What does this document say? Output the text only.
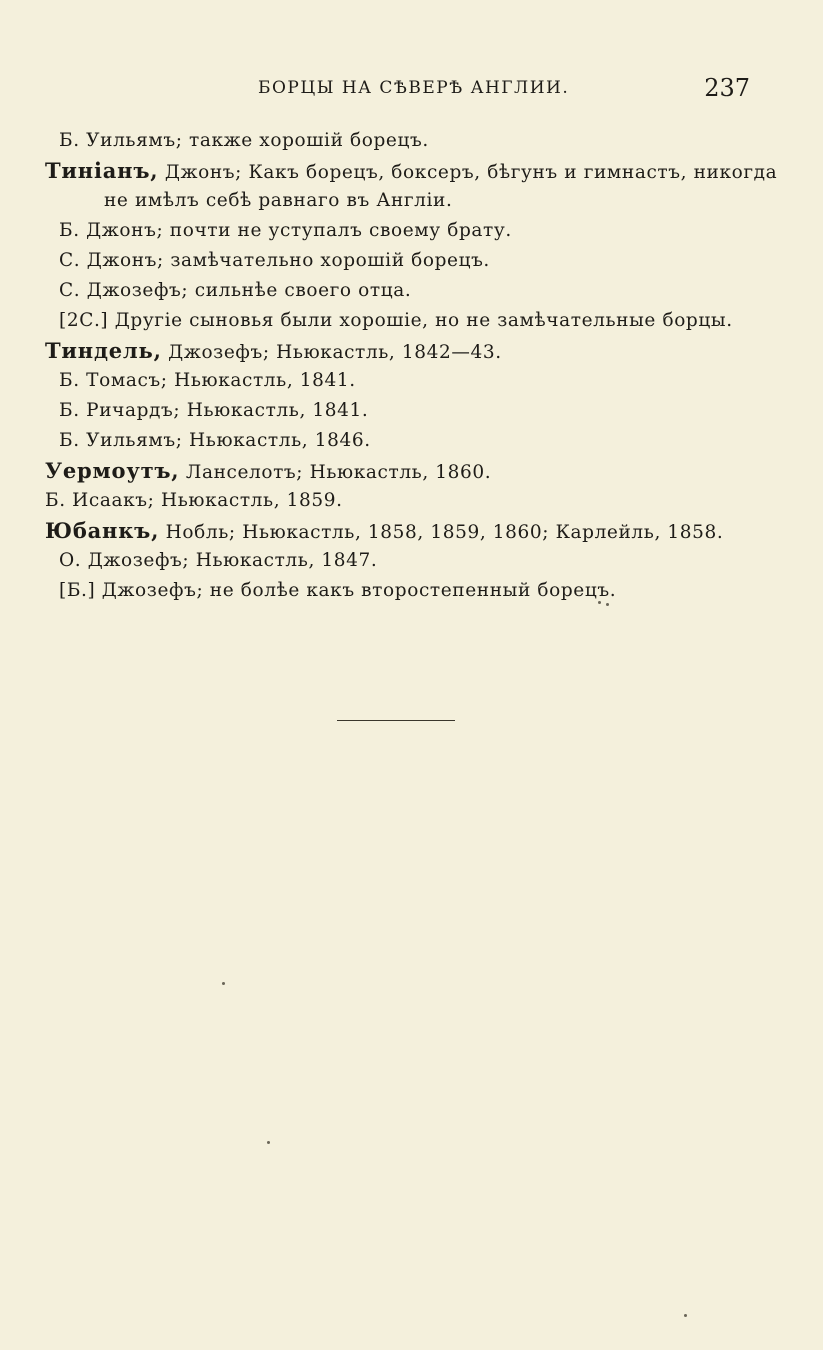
БОРЦЫ НА СѢВЕРѢ АНГЛИИ.	237
Б. Уильямъ; также хорошiй борецъ.
Тинiанъ, Джонъ; Какъ борецъ, боксеръ, бѣгунъ и гимнастъ, никогда
не имѣлъ себѣ равнаго въ Англiи.
Б. Джонъ; почти не уступалъ своему брату.
С. Джонъ; замѣчательно хорошiй борецъ.
С. Джозефъ; сильнѣе своего отца.
[2С.] Другiе сыновья были хорошiе, но не замѣчательные борцы.
Тиндель, Джозефъ; Ньюкастль, 1842—43.
Б. Томасъ; Ньюкастль, 1841.
Б. Ричардъ; Ньюкастль, 1841.
Б. Уильямъ; Ньюкастль, 1846.
Уермоутъ, Ланселотъ; Ньюкастль, 1860.
Б. Исаакъ; Ньюкастль, 1859.
Юбанкъ, Нобль; Ньюкастль, 1858, 1859, 1860; Карлейль, 1858.
О. Джозефъ; Ньюкастль, 1847.
[Б.] Джозефъ; не болѣе какъ второстепенный борецъ.
